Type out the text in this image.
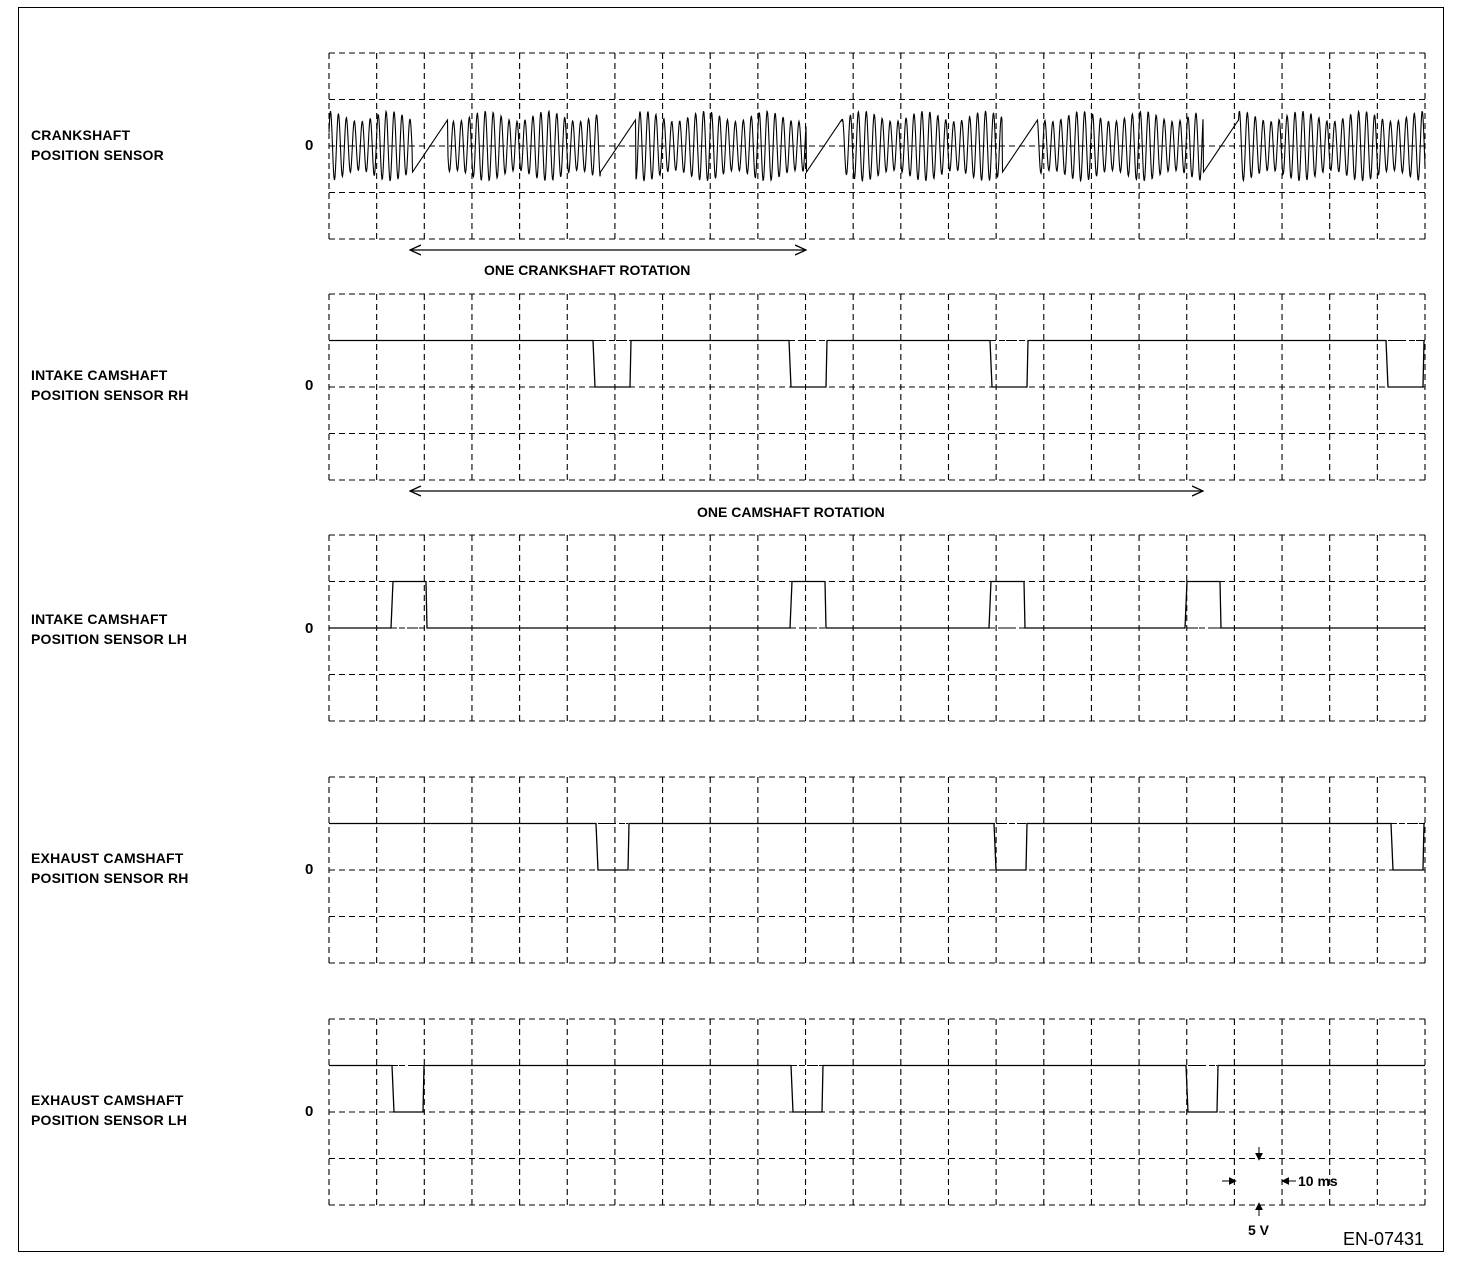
CRANKSHAFT
POSITION SENSOR
INTAKE CAMSHAFT
POSITION SENSOR RH
INTAKE CAMSHAFT
POSITION SENSOR LH
EXHAUST CAMSHAFT
POSITION SENSOR RH
EXHAUST CAMSHAFT
POSITION SENSOR LH
0
0
0
0
0
ONE CRANKSHAFT ROTATION
ONE CAMSHAFT ROTATION
10 ms
5 V	EN-07431
